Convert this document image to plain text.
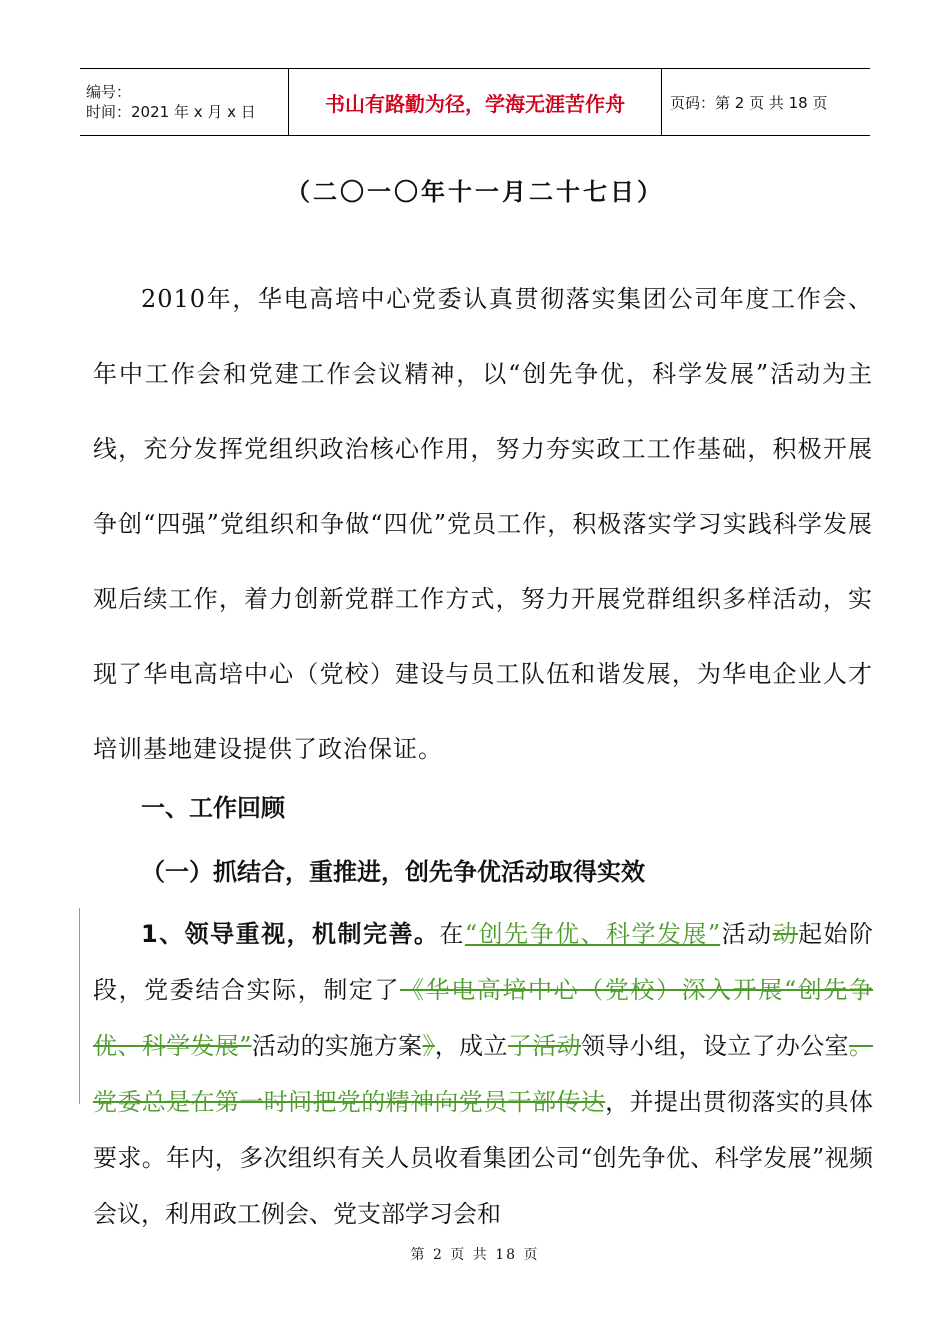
编号：
时间：2021 年 x 月 x 日	书山有路勤为径，学海无涯苦作舟	页码：第 2 页 共 18 页
（二〇一〇年十一月二十七日）

2010年，华电高培中心党委认真贯彻落实集团公司年度工作会、年中工作会和党建工作会议精神，以“创先争优，科学发展”活动为主线，充分发挥党组织政治核心作用，努力夯实政工工作基础，积极开展争创“四强”党组织和争做“四优”党员工作，积极落实学习实践科学发展观后续工作，着力创新党群工作方式，努力开展党群组织多样活动，实现了华电高培中心（党校）建设与员工队伍和谐发展，为华电企业人才培训基地建设提供了政治保证。

一、工作回顾
（一）抓结合，重推进，创先争优活动取得实效

1、领导重视，机制完善。在“创先争优、科学发展”活动动起始阶段，党委结合实际，制定了《华电高培中心（党校）深入开展“创先争优、科学发展”活动的实施方案》，成立了活动领导小组，设立了办公室。党委总是在第一时间把党的精神向党员干部传达，并提出贯彻落实的具体要求。年内，多次组织有关人员收看集团公司“创先争优、科学发展”视频会议，利用政工例会、党支部学习会和

第 2 页 共 18 页
